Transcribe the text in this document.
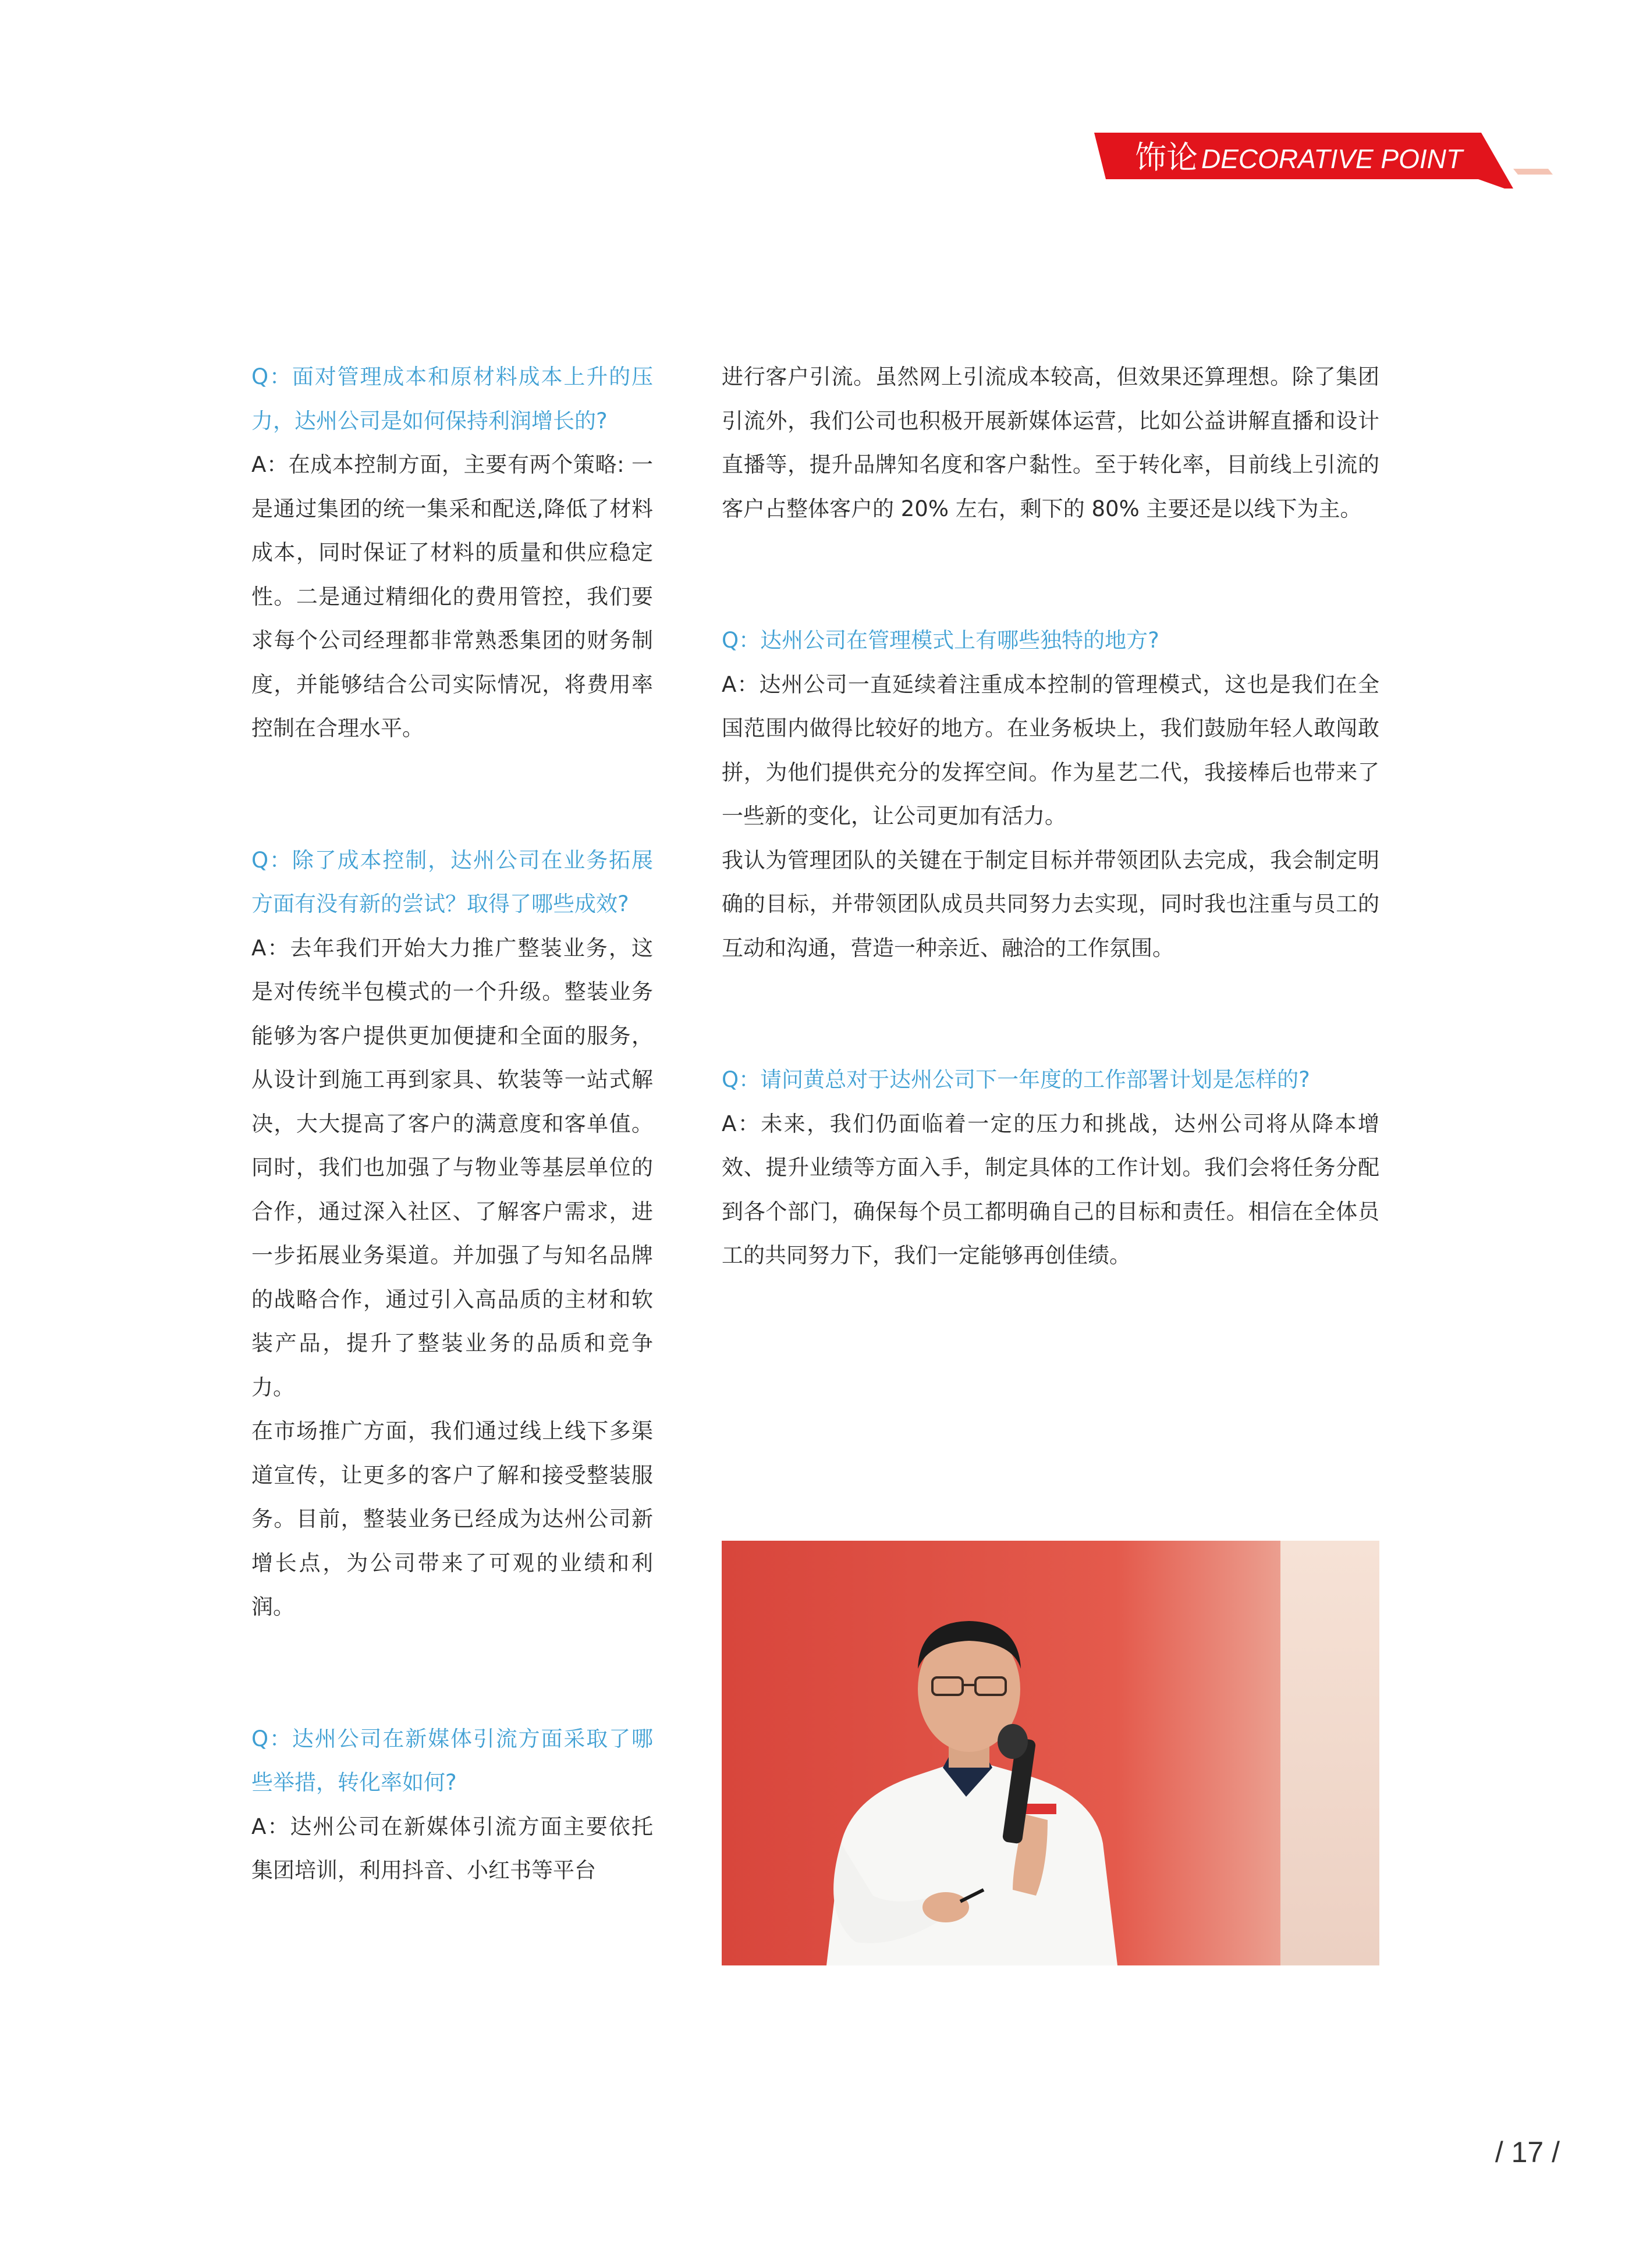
饰论 DECORATIVE POINT

Q：面对管理成本和原材料成本上升的压力，达州公司是如何保持利润增长的?

A：在成本控制方面，主要有两个策略: 一是通过集团的统一集采和配送,降低了材料成本，同时保证了材料的质量和供应稳定性。二是通过精细化的费用管控，我们要求每个公司经理都非常熟悉集团的财务制度，并能够结合公司实际情况，将费用率控制在合理水平。

Q：除了成本控制，达州公司在业务拓展方面有没有新的尝试？取得了哪些成效?

A：去年我们开始大力推广整装业务，这是对传统半包模式的一个升级。整装业务能够为客户提供更加便捷和全面的服务，从设计到施工再到家具、软装等一站式解决，大大提高了客户的满意度和客单值。同时，我们也加强了与物业等基层单位的合作，通过深入社区、了解客户需求，进一步拓展业务渠道。并加强了与知名品牌的战略合作，通过引入高品质的主材和软装产品，提升了整装业务的品质和竞争力。

在市场推广方面，我们通过线上线下多渠道宣传，让更多的客户了解和接受整装服务。目前，整装业务已经成为达州公司新增长点，为公司带来了可观的业绩和利润。

Q：达州公司在新媒体引流方面采取了哪些举措，转化率如何?

A：达州公司在新媒体引流方面主要依托集团培训，利用抖音、小红书等平台

进行客户引流。虽然网上引流成本较高，但效果还算理想。除了集团引流外，我们公司也积极开展新媒体运营，比如公益讲解直播和设计直播等，提升品牌知名度和客户黏性。至于转化率，目前线上引流的客户占整体客户的 20% 左右，剩下的 80% 主要还是以线下为主。

Q：达州公司在管理模式上有哪些独特的地方?

A：达州公司一直延续着注重成本控制的管理模式，这也是我们在全国范围内做得比较好的地方。在业务板块上，我们鼓励年轻人敢闯敢拼，为他们提供充分的发挥空间。作为星艺二代，我接棒后也带来了一些新的变化，让公司更加有活力。

我认为管理团队的关键在于制定目标并带领团队去完成，我会制定明确的目标，并带领团队成员共同努力去实现，同时我也注重与员工的互动和沟通，营造一种亲近、融洽的工作氛围。

Q：请问黄总对于达州公司下一年度的工作部署计划是怎样的?

A：未来，我们仍面临着一定的压力和挑战，达州公司将从降本增效、提升业绩等方面入手，制定具体的工作计划。我们会将任务分配到各个部门，确保每个员工都明确自己的目标和责任。相信在全体员工的共同努力下，我们一定能够再创佳绩。

/ 17 /
